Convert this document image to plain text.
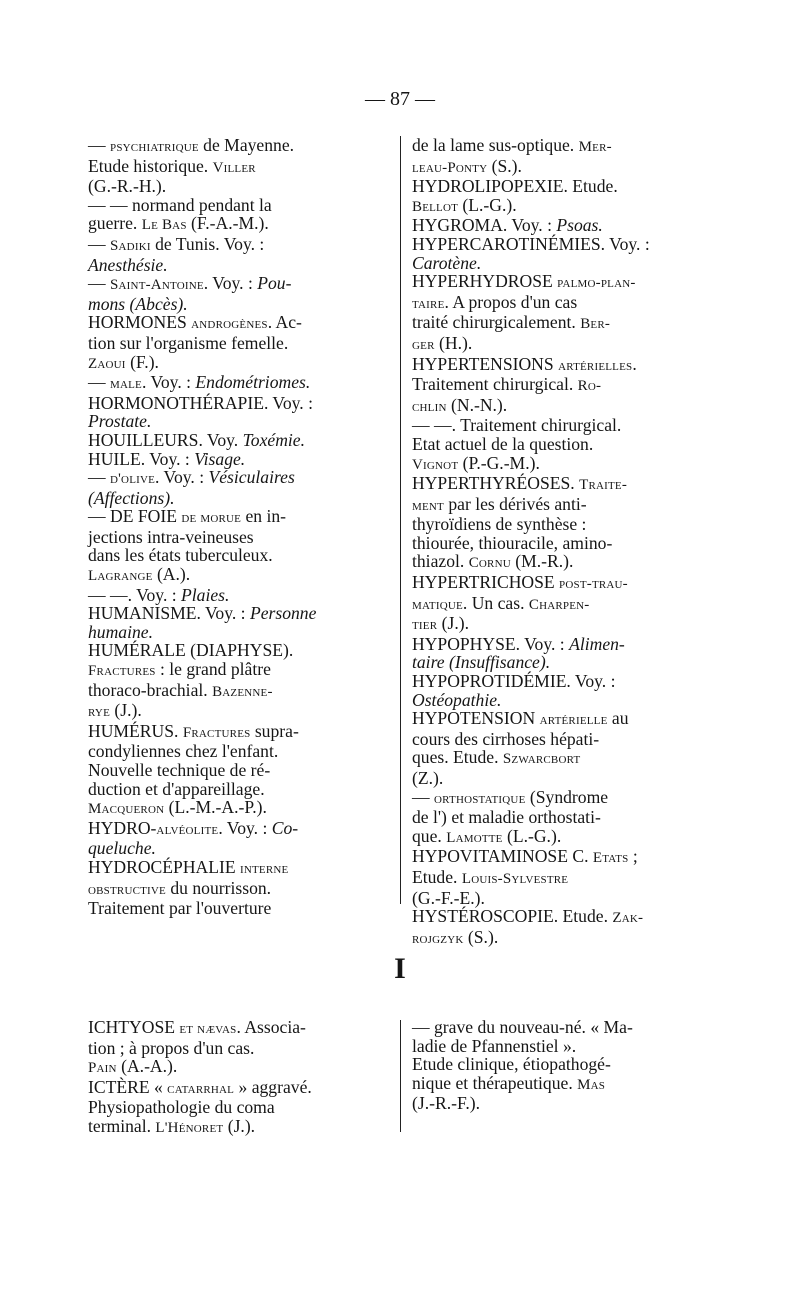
— 87 —
— psychiatrique de Mayenne.
Etude historique. Viller
(G.-R.-H.).
— — normand pendant la
guerre. Le Bas (F.-A.-M.).
— Sadiki de Tunis. Voy. :
Anesthésie.
— Saint-Antoine. Voy. : Pou-
mons (Abcès).
HORMONES androgènes. Ac-
tion sur l'organisme femelle.
Zaoui (F.).
— male. Voy. : Endométriomes.
HORMONOTHÉRAPIE. Voy. :
Prostate.
HOUILLEURS. Voy. Toxémie.
HUILE. Voy. : Visage.
— d'olive. Voy. : Vésiculaires
(Affections).
— DE FOIE de morue en in-
jections intra-veineuses
dans les états tuberculeux.
Lagrange (A.).
— —. Voy. : Plaies.
HUMANISME. Voy. : Personne
humaine.
HUMÉRALE (DIAPHYSE).
Fractures : le grand plâtre
thoraco-brachial. Bazenne-
rye (J.).
HUMÉRUS. Fractures supra-
condyliennes chez l'enfant.
Nouvelle technique de ré-
duction et d'appareillage.
Macqueron (L.-M.-A.-P.).
HYDRO-alvéolite. Voy. : Co-
queluche.
HYDROCÉPHALIE interne
obstructive du nourrisson.
Traitement par l'ouverture
de la lame sus-optique. Mer-
leau-Ponty (S.).
HYDROLIPOPEXIE. Etude.
Bellot (L.-G.).
HYGROMA. Voy. : Psoas.
HYPERCAROTINÉMIES. Voy. :
Carotène.
HYPERHYDROSE palmo-plan-
taire. A propos d'un cas
traité chirurgicalement. Ber-
ger (H.).
HYPERTENSIONS artérielles.
Traitement chirurgical. Ro-
chlin (N.-N.).
— —. Traitement chirurgical.
Etat actuel de la question.
Vignot (P.-G.-M.).
HYPERTHYRÉOSES. Traite-
ment par les dérivés anti-
thyroïdiens de synthèse :
thiourée, thiouracile, amino-
thiazol. Cornu (M.-R.).
HYPERTRICHOSE post-trau-
matique. Un cas. Charpen-
tier (J.).
HYPOPHYSE. Voy. : Alimen-
taire (Insuffisance).
HYPOPROTIDÉMIE. Voy. :
Ostéopathie.
HYPOTENSION artérielle au
cours des cirrhoses hépati-
ques. Etude. Szwarcbort
(Z.).
— orthostatique (Syndrome
de l') et maladie orthostati-
que. Lamotte (L.-G.).
HYPOVITAMINOSE C. Etats ;
Etude. Louis-Sylvestre
(G.-F.-E.).
HYSTÉROSCOPIE. Etude. Zak-
rojgzyk (S.).
I
ICHTYOSE et nævas. Associa-
tion ; à propos d'un cas.
Pain (A.-A.).
ICTÈRE « catarrhal » aggravé.
Physiopathologie du coma
terminal. L'Hénoret (J.).
— grave du nouveau-né. « Ma-
ladie de Pfannenstiel ».
Etude clinique, étiopathogé-
nique et thérapeutique. Mas
(J.-R.-F.).
